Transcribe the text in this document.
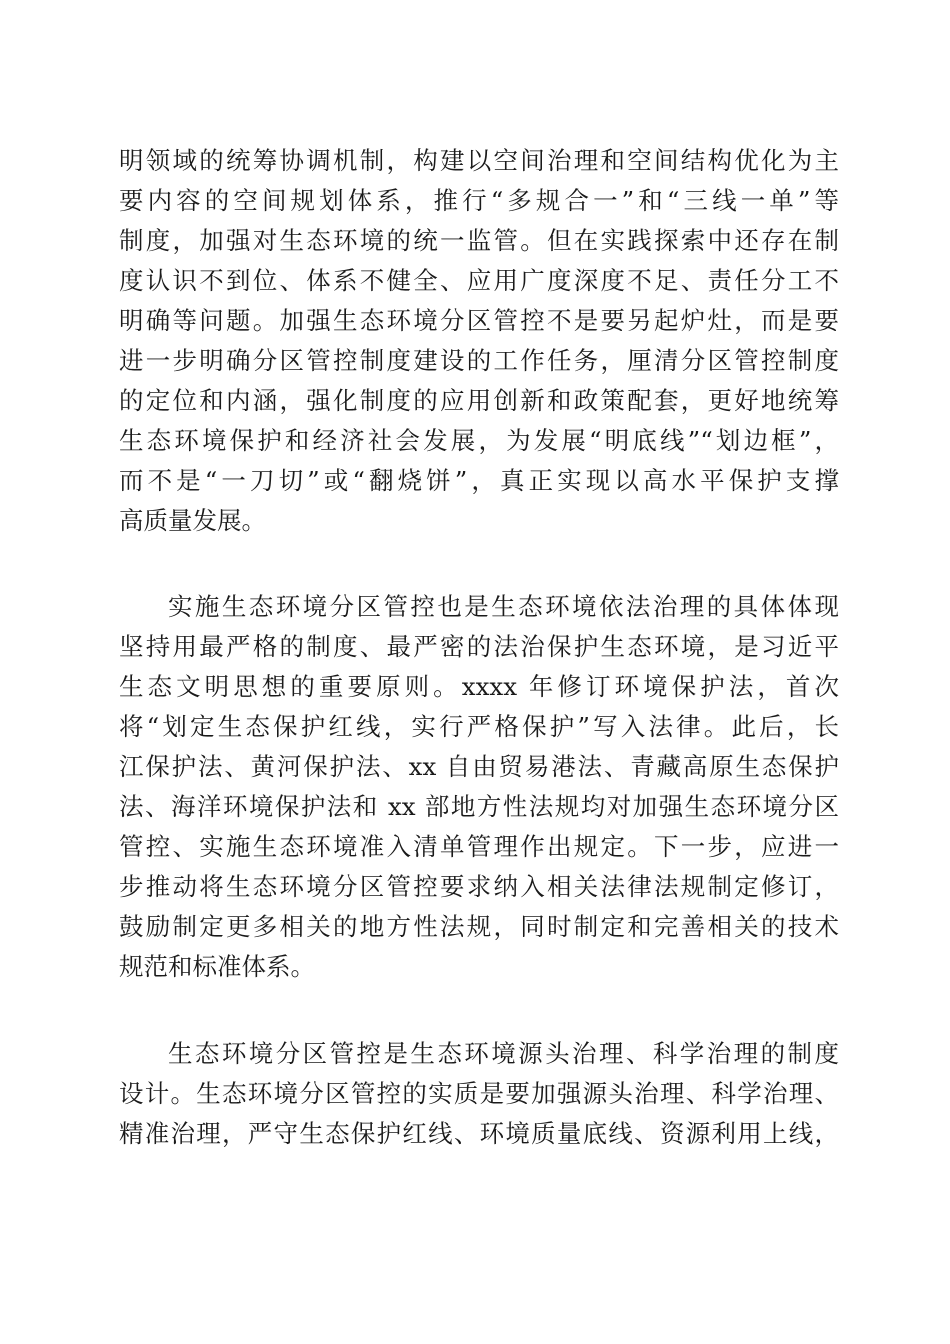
明领域的统筹协调机制，构建以空间治理和空间结构优化为主
要内容的空间规划体系，推行“多规合一”和“三线一单”等
制度，加强对生态环境的统一监管。但在实践探索中还存在制
度认识不到位、体系不健全、应用广度深度不足、责任分工不
明确等问题。加强生态环境分区管控不是要另起炉灶，而是要
进一步明确分区管控制度建设的工作任务，厘清分区管控制度
的定位和内涵，强化制度的应用创新和政策配套，更好地统筹
生态环境保护和经济社会发展，为发展“明底线”“划边框”，
而不是“一刀切”或“翻烧饼”，真正实现以高水平保护支撑
高质量发展。
实施生态环境分区管控也是生态环境依法治理的具体体现
坚持用最严格的制度、最严密的法治保护生态环境，是习近平
生态文明思想的重要原则。xxxx 年修订环境保护法，首次
将“划定生态保护红线，实行严格保护”写入法律。此后，长
江保护法、黄河保护法、xx 自由贸易港法、青藏高原生态保护
法、海洋环境保护法和 xx 部地方性法规均对加强生态环境分区
管控、实施生态环境准入清单管理作出规定。下一步，应进一
步推动将生态环境分区管控要求纳入相关法律法规制定修订，
鼓励制定更多相关的地方性法规，同时制定和完善相关的技术
规范和标准体系。
生态环境分区管控是生态环境源头治理、科学治理的制度
设计。生态环境分区管控的实质是要加强源头治理、科学治理、
精准治理，严守生态保护红线、环境质量底线、资源利用上线，
